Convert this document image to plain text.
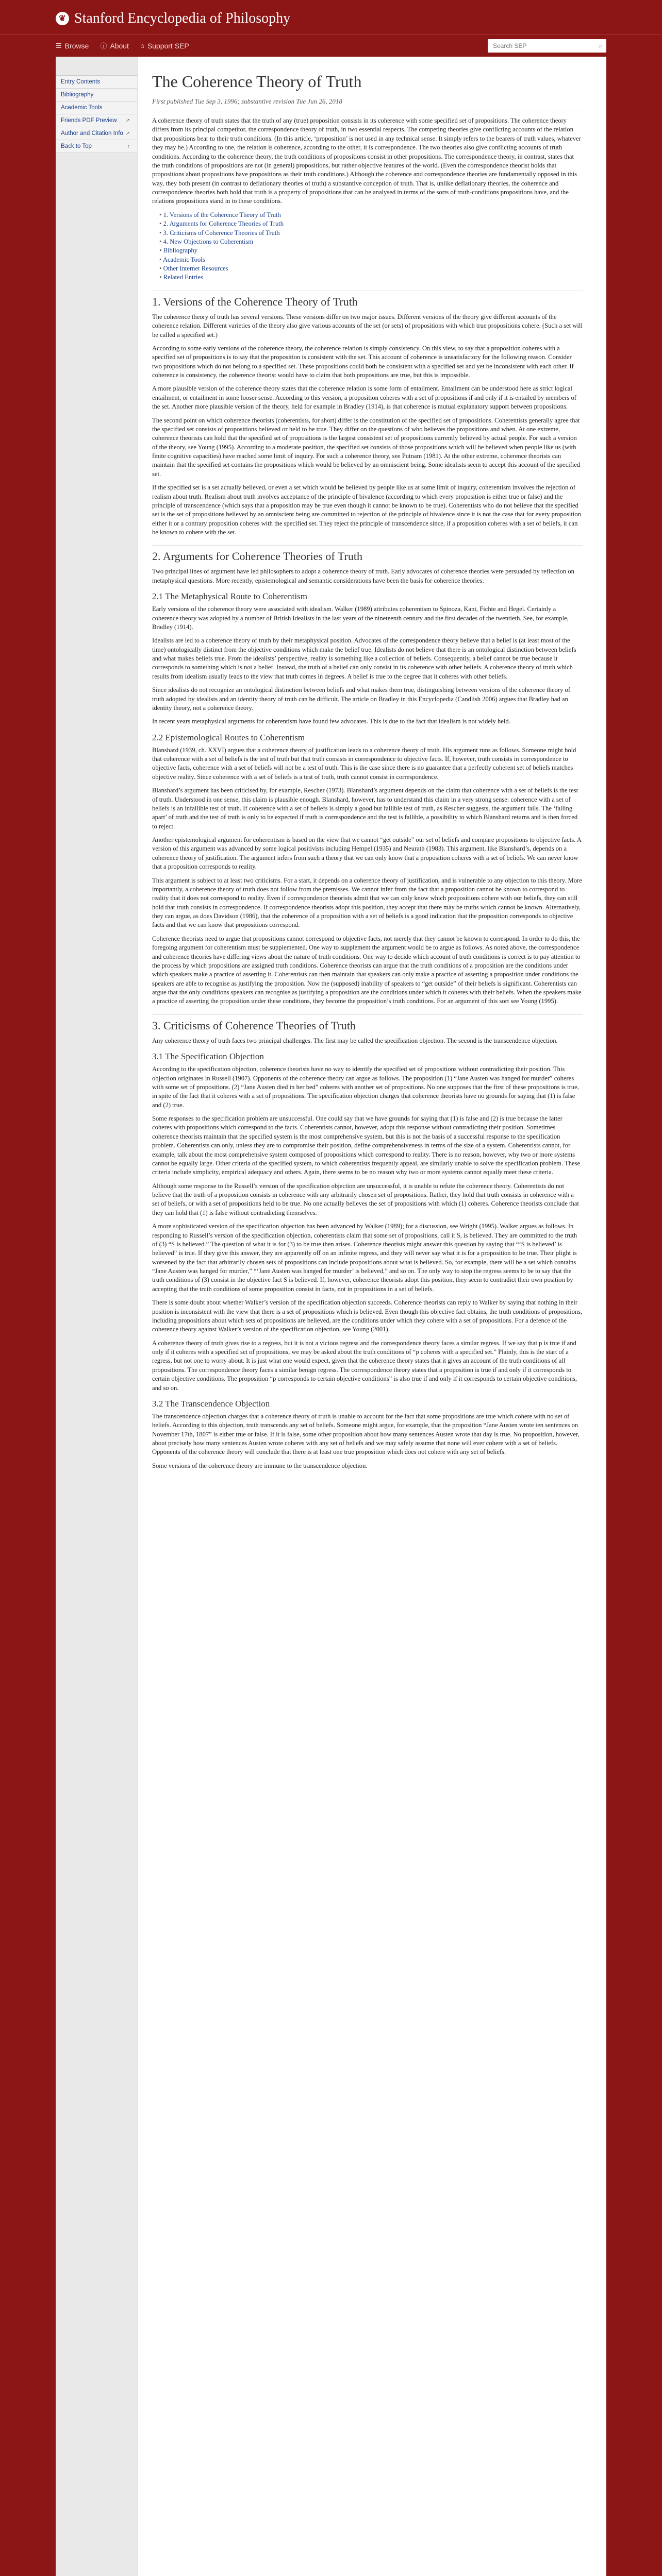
❦ Stanford Encyclopedia of Philosophy
☰ Browse ⓘ About ⌂ Support SEP
Search SEP	⌕
Entry Contents
Bibliography
Academic Tools
Friends PDF Preview ↗
Author and Citation Info ↗
Back to Top	↑
The Coherence Theory of Truth
First published Tue Sep 3, 1996; substantive revision Tue Jun 26, 2018

A coherence theory of truth states that the truth of any (true) proposition consists in its coherence with some specified set of propositions. The coherence theory differs from its principal competitor, the correspondence theory of truth, in two essential respects. The competing theories give conflicting accounts of the relation that propositions bear to their truth conditions. (In this article, ‘proposition’ is not used in any technical sense. It simply refers to the bearers of truth values, whatever they may be.) According to one, the relation is coherence, according to the other, it is correspondence. The two theories also give conflicting accounts of truth conditions. According to the coherence theory, the truth conditions of propositions consist in other propositions. The correspondence theory, in contrast, states that the truth conditions of propositions are not (in general) propositions, but rather objective features of the world. (Even the correspondence theorist holds that propositions about propositions have propositions as their truth conditions.) Although the coherence and correspondence theories are fundamentally opposed in this way, they both present (in contrast to deflationary theories of truth) a substantive conception of truth. That is, unlike deflationary theories, the coherence and correspondence theories both hold that truth is a property of propositions that can be analysed in terms of the sorts of truth-conditions propositions have, and the relations propositions stand in to these conditions.

• 1. Versions of the Coherence Theory of Truth
• 2. Arguments for Coherence Theories of Truth
• 3. Criticisms of Coherence Theories of Truth
• 4. New Objections to Coherentism
• Bibliography
• Academic Tools
• Other Internet Resources
• Related Entries
1. Versions of the Coherence Theory of Truth

The coherence theory of truth has several versions. These versions differ on two major issues. Different versions of the theory give different accounts of the coherence relation. Different varieties of the theory also give various accounts of the set (or sets) of propositions with which true propositions cohere. (Such a set will be called a specified set.)

According to some early versions of the coherence theory, the coherence relation is simply consistency. On this view, to say that a proposition coheres with a specified set of propositions is to say that the proposition is consistent with the set. This account of coherence is unsatisfactory for the following reason. Consider two propositions which do not belong to a specified set. These propositions could both be consistent with a specified set and yet be inconsistent with each other. If coherence is consistency, the coherence theorist would have to claim that both propositions are true, but this is impossible.

A more plausible version of the coherence theory states that the coherence relation is some form of entailment. Entailment can be understood here as strict logical entailment, or entailment in some looser sense. According to this version, a proposition coheres with a set of propositions if and only if it is entailed by members of the set. Another more plausible version of the theory, held for example in Bradley (1914), is that coherence is mutual explanatory support between propositions.

The second point on which coherence theorists (coherentists, for short) differ is the constitution of the specified set of propositions. Coherentists generally agree that the specified set consists of propositions believed or held to be true. They differ on the questions of who believes the propositions and when. At one extreme, coherence theorists can hold that the specified set of propositions is the largest consistent set of propositions currently believed by actual people. For such a version of the theory, see Young (1995). According to a moderate position, the specified set consists of those propositions which will be believed when people like us (with finite cognitive capacities) have reached some limit of inquiry. For such a coherence theory, see Putnam (1981). At the other extreme, coherence theorists can maintain that the specified set contains the propositions which would be believed by an omniscient being. Some idealists seem to accept this account of the specified set.

If the specified set is a set actually believed, or even a set which would be believed by people like us at some limit of inquiry, coherentism involves the rejection of realism about truth. Realism about truth involves acceptance of the principle of bivalence (according to which every proposition is either true or false) and the principle of transcendence (which says that a proposition may be true even though it cannot be known to be true). Coherentists who do not believe that the specified set is the set of propositions believed by an omniscient being are committed to rejection of the principle of bivalence since it is not the case that for every proposition either it or a contrary proposition coheres with the specified set. They reject the principle of transcendence since, if a proposition coheres with a set of beliefs, it can be known to cohere with the set.

2. Arguments for Coherence Theories of Truth

Two principal lines of argument have led philosophers to adopt a coherence theory of truth. Early advocates of coherence theories were persuaded by reflection on metaphysical questions. More recently, epistemological and semantic considerations have been the basis for coherence theories.

2.1 The Metaphysical Route to Coherentism

Early versions of the coherence theory were associated with idealism. Walker (1989) attributes coherentism to Spinoza, Kant, Fichte and Hegel. Certainly a coherence theory was adopted by a number of British Idealists in the last years of the nineteenth century and the first decades of the twentieth. See, for example, Bradley (1914).

Idealists are led to a coherence theory of truth by their metaphysical position. Advocates of the correspondence theory believe that a belief is (at least most of the time) ontologically distinct from the objective conditions which make the belief true. Idealists do not believe that there is an ontological distinction between beliefs and what makes beliefs true. From the idealists’ perspective, reality is something like a collection of beliefs. Consequently, a belief cannot be true because it corresponds to something which is not a belief. Instead, the truth of a belief can only consist in its coherence with other beliefs. A coherence theory of truth which results from idealism usually leads to the view that truth comes in degrees. A belief is true to the degree that it coheres with other beliefs.

Since idealists do not recognize an ontological distinction between beliefs and what makes them true, distinguishing between versions of the coherence theory of truth adopted by idealists and an identity theory of truth can be difficult. The article on Bradley in this Encyclopedia (Candlish 2006) argues that Bradley had an identity theory, not a coherence theory.

In recent years metaphysical arguments for coherentism have found few advocates. This is due to the fact that idealism is not widely held.

2.2 Epistemological Routes to Coherentism

Blanshard (1939, ch. XXVI) argues that a coherence theory of justification leads to a coherence theory of truth. His argument runs as follows. Someone might hold that coherence with a set of beliefs is the test of truth but that truth consists in correspondence to objective facts. If, however, truth consists in correspondence to objective facts, coherence with a set of beliefs will not be a test of truth. This is the case since there is no guarantee that a perfectly coherent set of beliefs matches objective reality. Since coherence with a set of beliefs is a test of truth, truth cannot consist in correspondence.

Blanshard’s argument has been criticised by, for example, Rescher (1973). Blanshard’s argument depends on the claim that coherence with a set of beliefs is the test of truth. Understood in one sense, this claim is plausible enough. Blanshard, however, has to understand this claim in a very strong sense: coherence with a set of beliefs is an infallible test of truth. If coherence with a set of beliefs is simply a good but fallible test of truth, as Rescher suggests, the argument fails. The ‘falling apart’ of truth and the test of truth is only to be expected if truth is correspondence and the test is fallible, a possibility to which Blanshard returns and is then forced to reject.

Another epistemological argument for coherentism is based on the view that we cannot “get outside” our set of beliefs and compare propositions to objective facts. A version of this argument was advanced by some logical positivists including Hempel (1935) and Neurath (1983). This argument, like Blanshard’s, depends on a coherence theory of justification. The argument infers from such a theory that we can only know that a proposition coheres with a set of beliefs. We can never know that a proposition corresponds to reality.

This argument is subject to at least two criticisms. For a start, it depends on a coherence theory of justification, and is vulnerable to any objection to this theory. More importantly, a coherence theory of truth does not follow from the premisses. We cannot infer from the fact that a proposition cannot be known to correspond to reality that it does not correspond to reality. Even if correspondence theorists admit that we can only know which propositions cohere with our beliefs, they can still hold that truth consists in correspondence. If correspondence theorists adopt this position, they accept that there may be truths which cannot be known. Alternatively, they can argue, as does Davidson (1986), that the coherence of a proposition with a set of beliefs is a good indication that the proposition corresponds to objective facts and that we can know that propositions correspond.

Coherence theorists need to argue that propositions cannot correspond to objective facts, not merely that they cannot be known to correspond. In order to do this, the foregoing argument for coherentism must be supplemented. One way to supplement the argument would be to argue as follows. As noted above, the correspondence and coherence theories have differing views about the nature of truth conditions. One way to decide which account of truth conditions is correct is to pay attention to the process by which propositions are assigned truth conditions. Coherence theorists can argue that the truth conditions of a proposition are the conditions under which speakers make a practice of asserting it. Coherentists can then maintain that speakers can only make a practice of asserting a proposition under conditions the speakers are able to recognise as justifying the proposition. Now the (supposed) inability of speakers to “get outside” of their beliefs is significant. Coherentists can argue that the only conditions speakers can recognise as justifying a proposition are the conditions under which it coheres with their beliefs. When the speakers make a practice of asserting the proposition under these conditions, they become the proposition’s truth conditions. For an argument of this sort see Young (1995).

3. Criticisms of Coherence Theories of Truth

Any coherence theory of truth faces two principal challenges. The first may be called the specification objection. The second is the transcendence objection.

3.1 The Specification Objection

According to the specification objection, coherence theorists have no way to identify the specified set of propositions without contradicting their position. This objection originates in Russell (1907). Opponents of the coherence theory can argue as follows. The proposition (1) “Jane Austen was hanged for murder” coheres with some set of propositions. (2) “Jane Austen died in her bed” coheres with another set of propositions. No one supposes that the first of these propositions is true, in spite of the fact that it coheres with a set of propositions. The specification objection charges that coherence theorists have no grounds for saying that (1) is false and (2) true.

Some responses to the specification problem are unsuccessful. One could say that we have grounds for saying that (1) is false and (2) is true because the latter coheres with propositions which correspond to the facts. Coherentists cannot, however, adopt this response without contradicting their position. Sometimes coherence theorists maintain that the specified system is the most comprehensive system, but this is not the basis of a successful response to the specification problem. Coherentists can only, unless they are to compromise their position, define comprehensiveness in terms of the size of a system. Coherentists cannot, for example, talk about the most comprehensive system composed of propositions which correspond to reality. There is no reason, however, why two or more systems cannot be equally large. Other criteria of the specified system, to which coherentists frequently appeal, are similarly unable to solve the specification problem. These criteria include simplicity, empirical adequacy and others. Again, there seems to be no reason why two or more systems cannot equally meet these criteria.

Although some response to the Russell’s version of the specification objection are unsuccessful, it is unable to refute the coherence theory. Coherentists do not believe that the truth of a proposition consists in coherence with any arbitrarily chosen set of propositions. Rather, they hold that truth consists in coherence with a set of beliefs, or with a set of propositions held to be true. No one actually believes the set of propositions with which (1) coheres. Coherence theorists conclude that they can hold that (1) is false without contradicting themselves.

A more sophisticated version of the specification objection has been advanced by Walker (1989); for a discussion, see Wright (1995). Walker argues as follows. In responding to Russell’s version of the specification objection, coherentists claim that some set of propositions, call it S, is believed. They are committed to the truth of (3) “S is believed.” The question of what it is for (3) to be true then arises. Coherence theorists might answer this question by saying that “‘S is believed’ is believed” is true. If they give this answer, they are apparently off on an infinite regress, and they will never say what it is for a proposition to be true. Their plight is worsened by the fact that arbitrarily chosen sets of propositions can include propositions about what is believed. So, for example, there will be a set which contains “Jane Austen was hanged for murder,” “‘Jane Austen was hanged for murder’ is believed,” and so on. The only way to stop the regress seems to be to say that the truth conditions of (3) consist in the objective fact S is believed. If, however, coherence theorists adopt this position, they seem to contradict their own position by accepting that the truth conditions of some proposition consist in facts, not in propositions in a set of beliefs.

There is some doubt about whether Walker’s version of the specification objection succeeds. Coherence theorists can reply to Walker by saying that nothing in their position is inconsistent with the view that there is a set of propositions which is believed. Even though this objective fact obtains, the truth conditions of propositions, including propositions about which sets of propositions are believed, are the conditions under which they cohere with a set of propositions. For a defence of the coherence theory against Walker’s version of the specification objection, see Young (2001).

A coherence theory of truth gives rise to a regress, but it is not a vicious regress and the correspondence theory faces a similar regress. If we say that p is true if and only if it coheres with a specified set of propositions, we may be asked about the truth conditions of “p coheres with a specified set.” Plainly, this is the start of a regress, but not one to worry about. It is just what one would expect, given that the coherence theory states that it gives an account of the truth conditions of all propositions. The correspondence theory faces a similar benign regress. The correspondence theory states that a proposition is true if and only if it corresponds to certain objective conditions. The proposition “p corresponds to certain objective conditions” is also true if and only if it corresponds to certain objective conditions, and so on.

3.2 The Transcendence Objection

The transcendence objection charges that a coherence theory of truth is unable to account for the fact that some propositions are true which cohere with no set of beliefs. According to this objection, truth transcends any set of beliefs. Someone might argue, for example, that the proposition “Jane Austen wrote ten sentences on November 17th, 1807” is either true or false. If it is false, some other proposition about how many sentences Austen wrote that day is true. No proposition, however, about precisely how many sentences Austen wrote coheres with any set of beliefs and we may safely assume that none will ever cohere with a set of beliefs. Opponents of the coherence theory will conclude that there is at least one true proposition which does not cohere with any set of beliefs.

Some versions of the coherence theory are immune to the transcendence objection.
